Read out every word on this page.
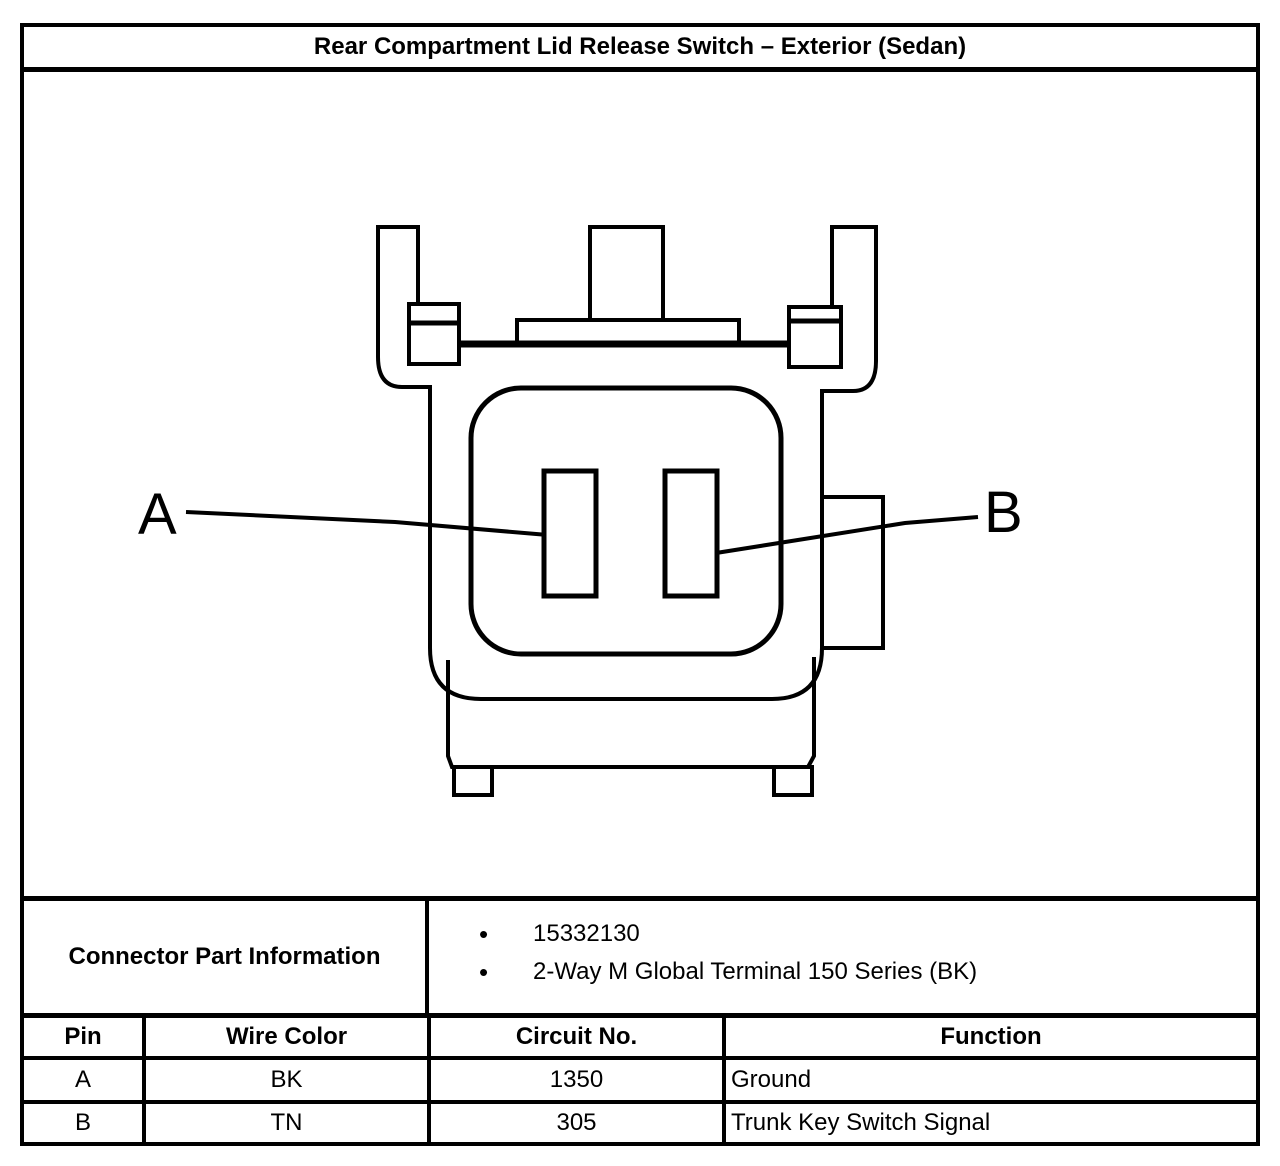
Rear Compartment Lid Release Switch – Exterior (Sedan)
A	B
Connector Part Information
•	15332130
•	2-Way M Global Terminal 150 Series (BK)
Pin	Wire Color	Circuit No.	Function
A	BK	1350	Ground
B	TN	305	Trunk Key Switch Signal
